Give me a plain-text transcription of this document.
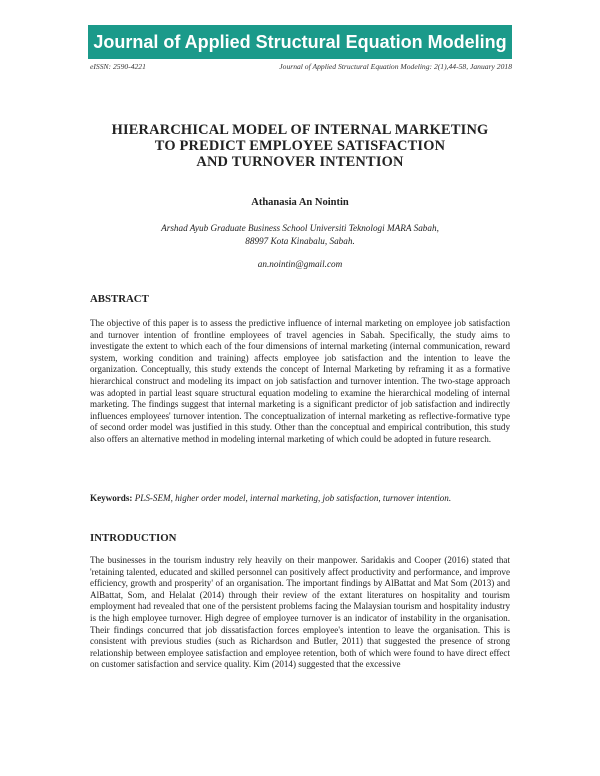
Journal of Applied Structural Equation Modeling
eISSN: 2590-4221	Journal of Applied Structural Equation Modeling: 2(1),44-58, January 2018
HIERARCHICAL MODEL OF INTERNAL MARKETING
TO PREDICT EMPLOYEE SATISFACTION
AND TURNOVER INTENTION
Athanasia An Nointin
Arshad Ayub Graduate Business School Universiti Teknologi MARA Sabah,
88997 Kota Kinabalu, Sabah.
an.nointin@gmail.com
ABSTRACT
The objective of this paper is to assess the predictive influence of internal marketing on employee job satisfaction and turnover intention of frontline employees of travel agencies in Sabah. Specifically, the study aims to investigate the extent to which each of the four dimensions of internal marketing (internal communication, reward system, working condition and training) affects employee job satisfaction and the intention to leave the organization. Conceptually, this study extends the concept of Internal Marketing by reframing it as a formative hierarchical construct and modeling its impact on job satisfaction and turnover intention. The two-stage approach was adopted in partial least square structural equation modeling to examine the hierarchical modeling of internal marketing. The findings suggest that internal marketing is a significant predictor of job satisfaction and indirectly influences employees' turnover intention. The conceptualization of internal marketing as reflective-formative type of second order model was justified in this study. Other than the conceptual and empirical contribution, this study also offers an alternative method in modeling internal marketing of which could be adopted in future research.
Keywords: PLS-SEM, higher order model, internal marketing, job satisfaction, turnover intention.
INTRODUCTION
The businesses in the tourism industry rely heavily on their manpower. Saridakis and Cooper (2016) stated that 'retaining talented, educated and skilled personnel can positively affect productivity and performance, and improve efficiency, growth and prosperity' of an organisation. The important findings by AlBattat and Mat Som (2013) and AlBattat, Som, and Helalat (2014) through their review of the extant literatures on hospitality and tourism employment had revealed that one of the persistent problems facing the Malaysian tourism and hospitality industry is the high employee turnover. High degree of employee turnover is an indicator of instability in the organisation. Their findings concurred that job dissatisfaction forces employee's intention to leave the organisation. This is consistent with previous studies (such as Richardson and Butler, 2011) that suggested the presence of strong relationship between employee satisfaction and employee retention, both of which were found to have direct effect on customer satisfaction and service quality. Kim (2014) suggested that the excessive
